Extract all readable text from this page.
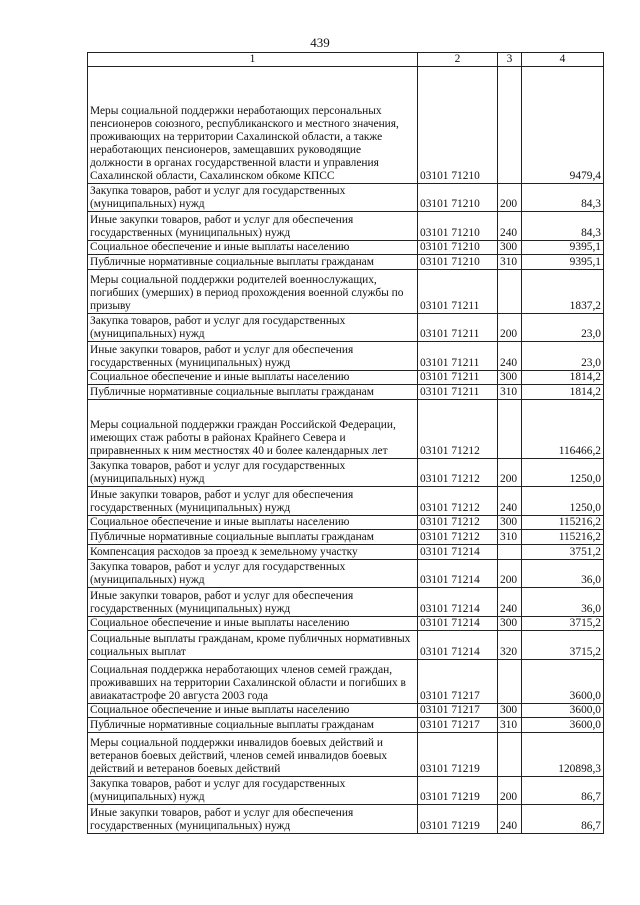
439
1	2	3	4
Меры социальной поддержки неработающих персональных пенсионеров союзного, республиканского и местного значения, проживающих на территории Сахалинской области, а также неработающих пенсионеров, замещавших руководящие должности в органах государственной власти и управления Сахалинской области, Сахалинском обкоме КПСС	03101 71210		9479,4
Закупка товаров, работ и услуг для государственных (муниципальных) нужд	03101 71210	200	84,3
Иные закупки товаров, работ и услуг для обеспечения государственных (муниципальных) нужд	03101 71210	240	84,3
Социальное обеспечение и иные выплаты населению	03101 71210	300	9395,1
Публичные нормативные социальные выплаты гражданам	03101 71210	310	9395,1
Меры социальной поддержки родителей военнослужащих, погибших (умерших) в период прохождения военной службы по призыву	03101 71211		1837,2
Закупка товаров, работ и услуг для государственных (муниципальных) нужд	03101 71211	200	23,0
Иные закупки товаров, работ и услуг для обеспечения государственных (муниципальных) нужд	03101 71211	240	23,0
Социальное обеспечение и иные выплаты населению	03101 71211	300	1814,2
Публичные нормативные социальные выплаты гражданам	03101 71211	310	1814,2
Меры социальной поддержки граждан Российской Федерации, имеющих стаж работы в районах Крайнего Севера и приравненных к ним местностях 40 и более календарных лет	03101 71212		116466,2
Закупка товаров, работ и услуг для государственных (муниципальных) нужд	03101 71212	200	1250,0
Иные закупки товаров, работ и услуг для обеспечения государственных (муниципальных) нужд	03101 71212	240	1250,0
Социальное обеспечение и иные выплаты населению	03101 71212	300	115216,2
Публичные нормативные социальные выплаты гражданам	03101 71212	310	115216,2
Компенсация расходов за проезд к земельному участку	03101 71214		3751,2
Закупка товаров, работ и услуг для государственных (муниципальных) нужд	03101 71214	200	36,0
Иные закупки товаров, работ и услуг для обеспечения государственных (муниципальных) нужд	03101 71214	240	36,0
Социальное обеспечение и иные выплаты населению	03101 71214	300	3715,2
Социальные выплаты гражданам, кроме публичных нормативных социальных выплат	03101 71214	320	3715,2
Социальная поддержка неработающих членов семей граждан, проживавших на территории Сахалинской области и погибших в авиакатастрофе 20 августа 2003 года	03101 71217		3600,0
Социальное обеспечение и иные выплаты населению	03101 71217	300	3600,0
Публичные нормативные социальные выплаты гражданам	03101 71217	310	3600,0
Меры социальной поддержки инвалидов боевых действий и ветеранов боевых действий, членов семей инвалидов боевых действий и ветеранов боевых действий	03101 71219		120898,3
Закупка товаров, работ и услуг для государственных (муниципальных) нужд	03101 71219	200	86,7
Иные закупки товаров, работ и услуг для обеспечения государственных (муниципальных) нужд	03101 71219	240	86,7
